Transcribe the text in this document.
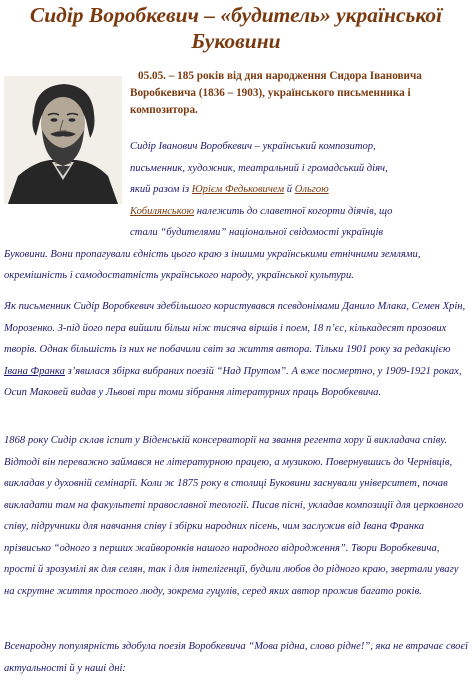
Сидір Воробкевич – «будитель» української
Буковини

05.05. – 185 років від дня народження Сидора Івановича Воробкевича (1836 – 1903), українського письменника і композитора.

Сидір Іванович Воробкевич – український композитор,
письменник, художник, театральний і громадський діяч,
який разом із Юрієм Федьковичем й Ольгою
Кобилянською належить до славетної когорти діячів, що
стали “будителями” національної свідомості українців
Буковини. Вони пропагували єдність цього краю з іншими українськими етнічними землями, окремішність і самодостатність українського народу, української культури.

Як письменник Сидір Воробкевич здебільшого користувався псевдонімами Данило Млака, Семен Хрін, Морозенко. З-під його пера вийшли більш ніж тисяча віршів і поем, 18 п’єс, кількадесят прозових творів. Однак більшість із них не побачили світ за життя автора. Тільки 1901 року за редакцією Івана Франка з’явилася збірка вибраних поезій “Над Прутом”. А вже посмертно, у 1909-1921 роках, Осип Маковей видав у Львові три томи зібрання літературних праць Воробкевича.

1868 року Сидір склав іспит у Віденській консерваторії на звання регента хору й викладача співу. Відтоді він переважно займався не літературною працею, а музикою. Повернувшись до Чернівців, викладав у духовній семінарії. Коли ж 1875 року в столиці Буковини заснували університет, почав викладати там на факультеті православної теології. Писав пісні, укладав композиції для церковного співу, підручники для навчання співу і збірки народних пісень, чим заслужив від Івана Франка прізвисько “одного з перших жайворонків нашого народного відродження”. Твори Воробкевича, прості й зрозумілі як для селян, так і для інтелігенції, будили любов до рідного краю, звертали увагу на скрутне життя простого люду, зокрема гуцулів, серед яких автор прожив багато років.

Всенародну популярність здобула поезія Воробкевича “Мова рідна, слово рідне!”, яка не втрачає своєї актуальності й у наші дні:
